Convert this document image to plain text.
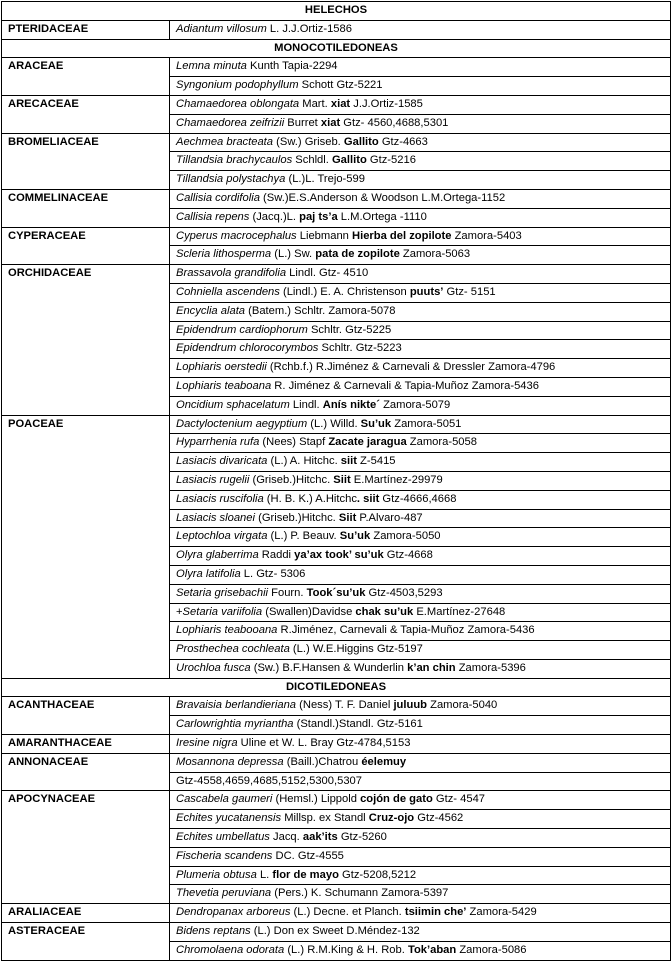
HELECHOS	
PTERIDACEAE	Adiantum villosum L. J.J.Ortiz-1586
MONOCOTILEDONEAS	
ARACEAE	Lemna minuta Kunth Tapia-2294
	Syngonium podophyllum Schott Gtz-5221
ARECACEAE	Chamaedorea oblongata Mart. xiat J.J.Ortiz-1585
	Chamaedorea zeifrizii Burret xiat Gtz- 4560,4688,5301
BROMELIACEAE	Aechmea bracteata (Sw.) Griseb. Gallito Gtz-4663
	Tillandsia brachycaulos Schldl. Gallito Gtz-5216
	Tillandsia polystachya (L.)L. Trejo-599
COMMELINACEAE	Callisia cordifolia (Sw.)E.S.Anderson & Woodson L.M.Ortega-1152
	Callisia repens (Jacq.)L. paj ts’a L.M.Ortega -1110
CYPERACEAE	Cyperus macrocephalus Liebmann Hierba del zopilote Zamora-5403
	Scleria lithosperma (L.) Sw. pata de zopilote Zamora-5063
ORCHIDACEAE	Brassavola grandifolia Lindl. Gtz- 4510
	Cohniella ascendens (Lindl.) E. A. Christenson puuts’ Gtz- 5151
	Encyclia alata (Batem.) Schltr. Zamora-5078
	Epidendrum cardiophorum Schltr. Gtz-5225
	Epidendrum chlorocorymbos Schltr. Gtz-5223
	Lophiaris oerstedii (Rchb.f.) R.Jiménez & Carnevali & Dressler Zamora-4796
	Lophiaris teaboana R. Jiménez & Carnevali & Tapia-Muñoz Zamora-5436
	Oncidium sphacelatum Lindl. Anís nikte´ Zamora-5079
POACEAE	Dactyloctenium aegyptium (L.) Willd. Su’uk Zamora-5051
	Hyparrhenia rufa (Nees) Stapf Zacate jaragua Zamora-5058
	Lasiacis divaricata (L.) A. Hitchc. siit Z-5415
	Lasiacis rugelii (Griseb.)Hitchc. Siit E.Martínez-29979
	Lasiacis ruscifolia (H. B. K.) A.Hitchc. siit Gtz-4666,4668
	Lasiacis sloanei (Griseb.)Hitchc. Siit P.Alvaro-487
	Leptochloa virgata (L.) P. Beauv. Su’uk Zamora-5050
	Olyra glaberrima Raddi ya’ax took’ su’uk Gtz-4668
	Olyra latifolia L. Gtz- 5306
	Setaria grisebachii Fourn. Took´su’uk Gtz-4503,5293
	+Setaria variifolia (Swallen)Davidse chak su’uk E.Martínez-27648
	Lophiaris teabooana R.Jiménez, Carnevali & Tapia-Muñoz Zamora-5436
	Prosthechea cochleata (L.) W.E.Higgins Gtz-5197
	Urochloa fusca (Sw.) B.F.Hansen & Wunderlin k’an chin Zamora-5396
DICOTILEDONEAS	
ACANTHACEAE	Bravaisia berlandieriana (Ness) T. F. Daniel juluub Zamora-5040
	Carlowrightia myriantha (Standl.)Standl. Gtz-5161
AMARANTHACEAE	Iresine nigra Uline et W. L. Bray Gtz-4784,5153
ANNONACEAE	Mosannona depressa (Baill.)Chatrou éelemuy
	Gtz-4558,4659,4685,5152,5300,5307
APOCYNACEAE	Cascabela gaumeri (Hemsl.) Lippold cojón de gato Gtz- 4547
	Echites yucatanensis Millsp. ex Standl Cruz-ojo Gtz-4562
	Echites umbellatus Jacq. aak’its Gtz-5260
	Fischeria scandens DC. Gtz-4555
	Plumeria obtusa L. flor de mayo Gtz-5208,5212
	Thevetia peruviana (Pers.) K. Schumann Zamora-5397
ARALIACEAE	Dendropanax arboreus (L.) Decne. et Planch. tsiimin che’ Zamora-5429
ASTERACEAE	Bidens reptans (L.) Don ex Sweet D.Méndez-132
	Chromolaena odorata (L.) R.M.King & H. Rob. Tok’aban Zamora-5086
